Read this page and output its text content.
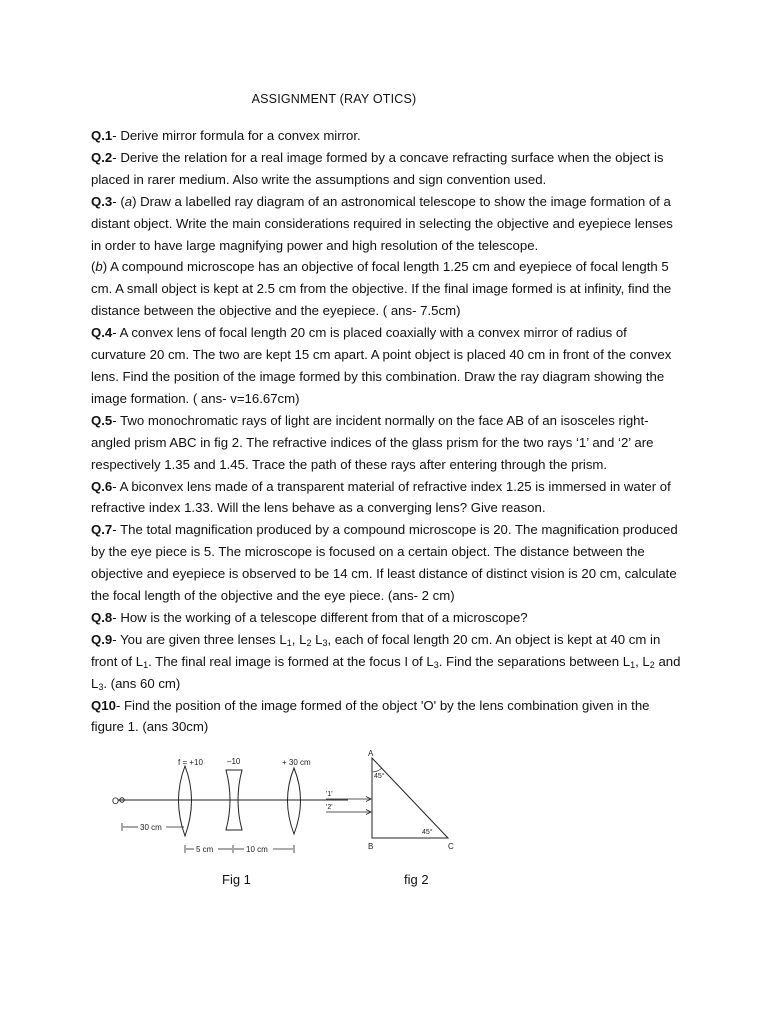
ASSIGNMENT (RAY OTICS)

Q.1- Derive mirror formula for a convex mirror.

Q.2- Derive the relation for a real image formed by a concave refracting surface when the object is placed in rarer medium. Also write the assumptions and sign convention used.

Q.3- (a) Draw a labelled ray diagram of an astronomical telescope to show the image formation of a distant object. Write the main considerations required in selecting the objective and eyepiece lenses in order to have large magnifying power and high resolution of the telescope.

(b) A compound microscope has an objective of focal length 1.25 cm and eyepiece of focal length 5 cm. A small object is kept at 2.5 cm from the objective. If the final image formed is at infinity, find the distance between the objective and the eyepiece. ( ans- 7.5cm)

Q.4- A convex lens of focal length 20 cm is placed coaxially with a convex mirror of radius of curvature 20 cm. The two are kept 15 cm apart. A point object is placed 40 cm in front of the convex lens. Find the position of the image formed by this combination. Draw the ray diagram showing the image formation. ( ans- v=16.67cm)

Q.5- Two monochromatic rays of light are incident normally on the face AB of an isosceles right-angled prism ABC in fig 2. The refractive indices of the glass prism for the two rays ‘1’ and ‘2’ are respectively 1.35 and 1.45. Trace the path of these rays after entering through the prism.

Q.6- A biconvex lens made of a transparent material of refractive index 1.25 is immersed in water of refractive index 1.33. Will the lens behave as a converging lens? Give reason.

Q.7- The total magnification produced by a compound microscope is 20. The magnification produced by the eye piece is 5. The microscope is focused on a certain object. The distance between the objective and eyepiece is observed to be 14 cm. If least distance of distinct vision is 20 cm, calculate the focal length of the objective and the eye piece. (ans- 2 cm)

Q.8- How is the working of a telescope different from that of a microscope?

Q.9- You are given three lenses $L_1$, $L_2$ $L_3$, each of focal length 20 cm. An object is kept at 40 cm in front of $L_1$. The final real image is formed at the focus I of $L_3$. Find the separations between $L_1$, $L_2$ and $L_3$. (ans 60 cm)

Q10- Find the position of the image formed of the object 'O' by the lens combination given in the figure 1. (ans 30cm)

O
f = +10	–10	+ 30 cm
30 cm
5 cm	10 cm
A
45°
45°
B	C
'1'
'2'
Fig 1	fig 2
